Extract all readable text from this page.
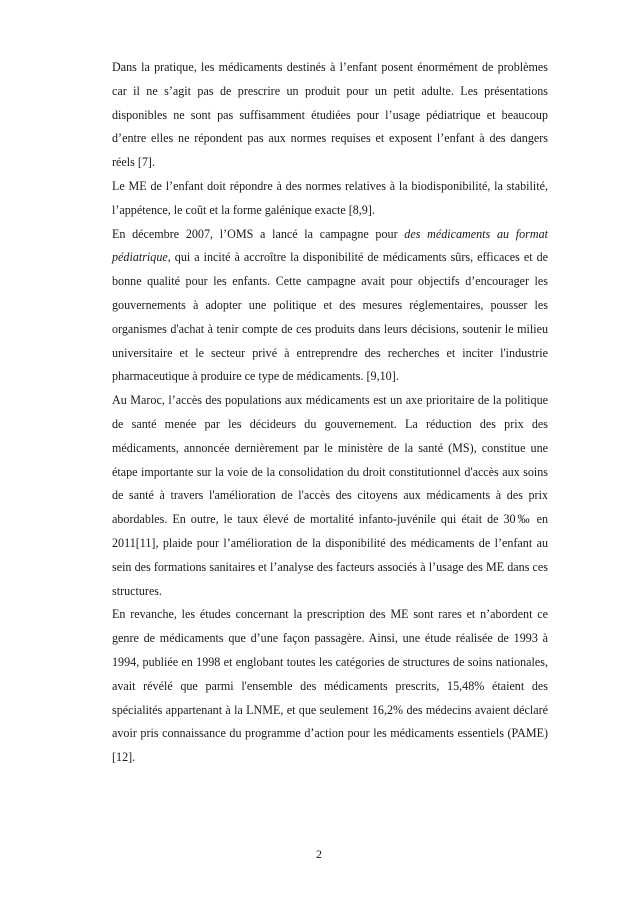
Dans la pratique, les médicaments destinés à l’enfant posent énormément de problèmes car il ne s’agit pas de prescrire un produit pour un petit adulte. Les présentations disponibles ne sont pas suffisamment étudiées pour l’usage pédiatrique et beaucoup d’entre elles ne répondent pas aux normes requises et exposent l’enfant à des dangers réels [7].

Le ME de l’enfant doit répondre à des normes relatives à la biodisponibilité, la stabilité, l’appétence, le coût et la forme galénique exacte [8,9].

En décembre 2007, l’OMS a lancé la campagne pour des médicaments au format pédiatrique, qui a incité à accroître la disponibilité de médicaments sûrs, efficaces et de bonne qualité pour les enfants. Cette campagne avait pour objectifs d’encourager les gouvernements à adopter une politique et des mesures réglementaires, pousser les organismes d'achat à tenir compte de ces produits dans leurs décisions, soutenir le milieu universitaire et le secteur privé à entreprendre des recherches et inciter l'industrie pharmaceutique à produire ce type de médicaments. [9,10].

Au Maroc, l’accès des populations aux médicaments est un axe prioritaire de la politique de santé menée par les décideurs du gouvernement. La réduction des prix des médicaments, annoncée dernièrement par le ministère de la santé (MS), constitue une étape importante sur la voie de la consolidation du droit constitutionnel d'accès aux soins de santé à travers l'amélioration de l'accès des citoyens aux médicaments à des prix abordables. En outre, le taux élevé de mortalité infanto-juvénile qui était de 30‰ en 2011[11], plaide pour l’amélioration de la disponibilité des médicaments de l’enfant au sein des formations sanitaires et l’analyse des facteurs associés à l’usage des ME dans ces structures.

En revanche, les études concernant la prescription des ME sont rares et n’abordent ce genre de médicaments que d’une façon passagère. Ainsi, une étude réalisée de 1993 à 1994, publiée en 1998 et englobant toutes les catégories de structures de soins nationales, avait révélé que parmi l'ensemble des médicaments prescrits, 15,48% étaient des spécialités appartenant à la LNME, et que seulement 16,2% des médecins avaient déclaré avoir pris connaissance du programme d’action pour les médicaments essentiels (PAME) [12].

2
